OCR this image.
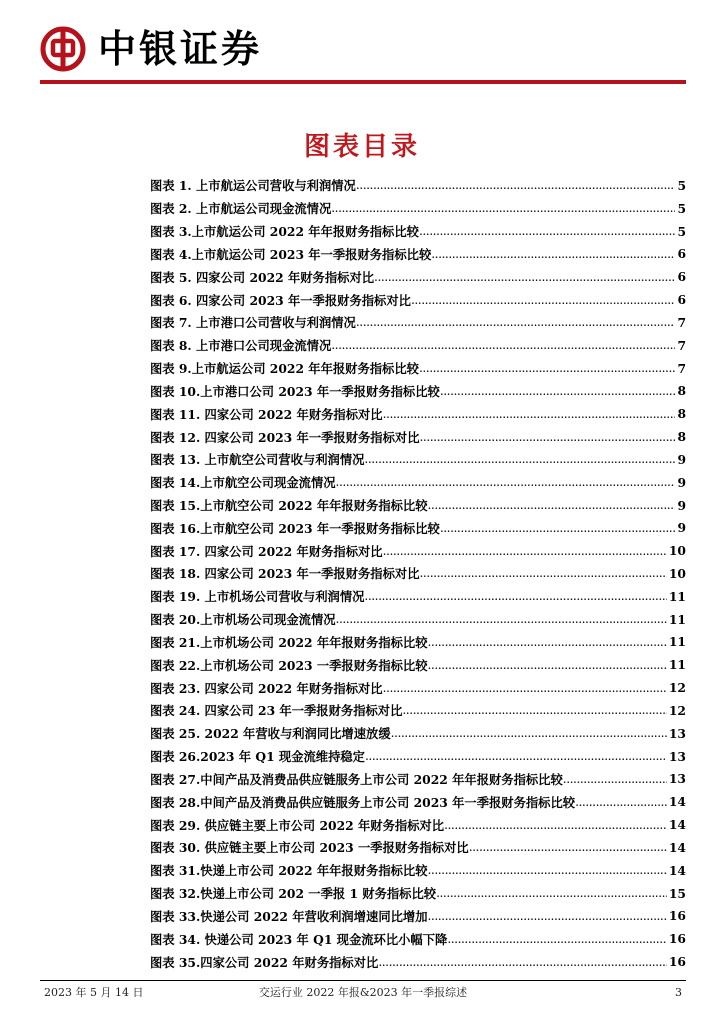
中银证券
图表目录
图表 1. 上市航运公司营收与利润情况 . . .	5
图表 2. 上市航运公司现金流情况 . . .	5
图表 3.上市航运公司 2022 年年报财务指标比较 . . .	5
图表 4.上市航运公司 2023 年一季报财务指标比较 . . .	6
图表 5. 四家公司 2022 年财务指标对比 . . .	6
图表 6. 四家公司 2023 年一季报财务指标对比 . . .	6
图表 7. 上市港口公司营收与利润情况 . . .	7
图表 8. 上市港口公司现金流情况 . . .	7
图表 9.上市航运公司 2022 年年报财务指标比较 . . .	7
图表 10.上市港口公司 2023 年一季报财务指标比较 . . .	8
图表 11. 四家公司 2022 年财务指标对比 . . .	8
图表 12. 四家公司 2023 年一季报财务指标对比 . . .	8
图表 13. 上市航空公司营收与利润情况 . . .	9
图表 14.上市航空公司现金流情况 . . .	9
图表 15.上市航空公司 2022 年年报财务指标比较 . . .	9
图表 16.上市航空公司 2023 年一季报财务指标比较 . . .	9
图表 17. 四家公司 2022 年财务指标对比 . . .	10
图表 18. 四家公司 2023 年一季报财务指标对比 . . .	10
图表 19. 上市机场公司营收与利润情况 . . .	11
图表 20.上市机场公司现金流情况 . . .	11
图表 21.上市机场公司 2022 年年报财务指标比较 . . .	11
图表 22.上市机场公司 2023 一季报财务指标比较 . . .	11
图表 23. 四家公司 2022 年财务指标对比 . . .	12
图表 24. 四家公司 23 年一季报财务指标对比 . . .	12
图表 25. 2022 年营收与利润同比增速放缓 . . .	13
图表 26.2023 年 Q1 现金流维持稳定 . . .	13
图表 27.中间产品及消费品供应链服务上市公司 2022 年年报财务指标比较 . . .	13
图表 28.中间产品及消费品供应链服务上市公司 2023 年一季报财务指标比较 . . .	14
图表 29. 供应链主要上市公司 2022 年财务指标对比 . . .	14
图表 30. 供应链主要上市公司 2023 一季报财务指标对比 . . .	14
图表 31.快递上市公司 2022 年年报财务指标比较 . . .	14
图表 32.快递上市公司 202 一季报 1 财务指标比较 . . .	15
图表 33.快递公司 2022 年营收利润增速同比增加 . . .	16
图表 34. 快递公司 2023 年 Q1 现金流环比小幅下降 . . .	16
图表 35.四家公司 2022 年财务指标对比 . . .	16
2023 年 5 月 14 日	交运行业 2022 年报&2023 年一季报综述	3
